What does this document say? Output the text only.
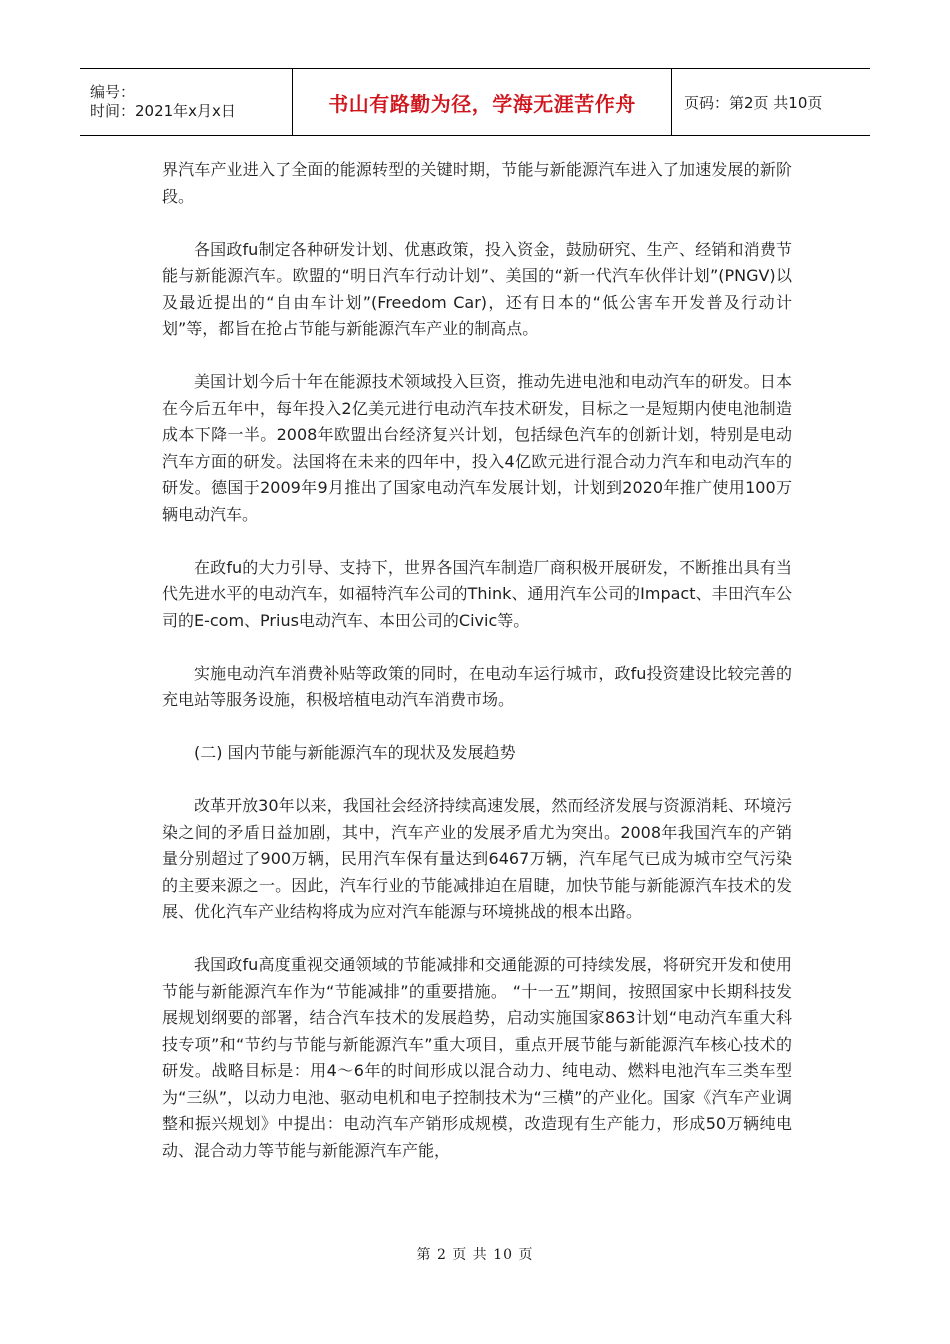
编号：
时间：2021年x月x日	书山有路勤为径，学海无涯苦作舟	页码：第2页 共10页

界汽车产业进入了全面的能源转型的关键时期，节能与新能源汽车进入了加速发展的新阶段。

各国政fu制定各种研发计划、优惠政策，投入资金，鼓励研究、生产、经销和消费节能与新能源汽车。欧盟的“明日汽车行动计划”、美国的“新一代汽车伙伴计划”(PNGV)以及最近提出的“自由车计划”(Freedom Car)，还有日本的“低公害车开发普及行动计划”等，都旨在抢占节能与新能源汽车产业的制高点。

美国计划今后十年在能源技术领域投入巨资，推动先进电池和电动汽车的研发。日本在今后五年中，每年投入2亿美元进行电动汽车技术研发，目标之一是短期内使电池制造成本下降一半。2008年欧盟出台经济复兴计划，包括绿色汽车的创新计划，特别是电动汽车方面的研发。法国将在未来的四年中，投入4亿欧元进行混合动力汽车和电动汽车的研发。德国于2009年9月推出了国家电动汽车发展计划，计划到2020年推广使用100万辆电动汽车。

在政fu的大力引导、支持下，世界各国汽车制造厂商积极开展研发，不断推出具有当代先进水平的电动汽车，如福特汽车公司的Think、通用汽车公司的Impact、丰田汽车公司的E-com、Prius电动汽车、本田公司的Civic等。

实施电动汽车消费补贴等政策的同时，在电动车运行城市，政fu投资建设比较完善的充电站等服务设施，积极培植电动汽车消费市场。

(二) 国内节能与新能源汽车的现状及发展趋势

改革开放30年以来，我国社会经济持续高速发展，然而经济发展与资源消耗、环境污染之间的矛盾日益加剧，其中，汽车产业的发展矛盾尤为突出。2008年我国汽车的产销量分别超过了900万辆，民用汽车保有量达到6467万辆，汽车尾气已成为城市空气污染的主要来源之一。因此，汽车行业的节能减排迫在眉睫，加快节能与新能源汽车技术的发展、优化汽车产业结构将成为应对汽车能源与环境挑战的根本出路。

我国政fu高度重视交通领域的节能减排和交通能源的可持续发展，将研究开发和使用节能与新能源汽车作为“节能减排”的重要措施。 “十一五”期间，按照国家中长期科技发展规划纲要的部署，结合汽车技术的发展趋势，启动实施国家863计划“电动汽车重大科技专项”和“节约与节能与新能源汽车”重大项目，重点开展节能与新能源汽车核心技术的研发。战略目标是：用4～6年的时间形成以混合动力、纯电动、燃料电池汽车三类车型为“三纵”，以动力电池、驱动电机和电子控制技术为“三横”的产业化。国家《汽车产业调整和振兴规划》中提出：电动汽车产销形成规模，改造现有生产能力，形成50万辆纯电动、混合动力等节能与新能源汽车产能，

第 2 页 共 10 页
